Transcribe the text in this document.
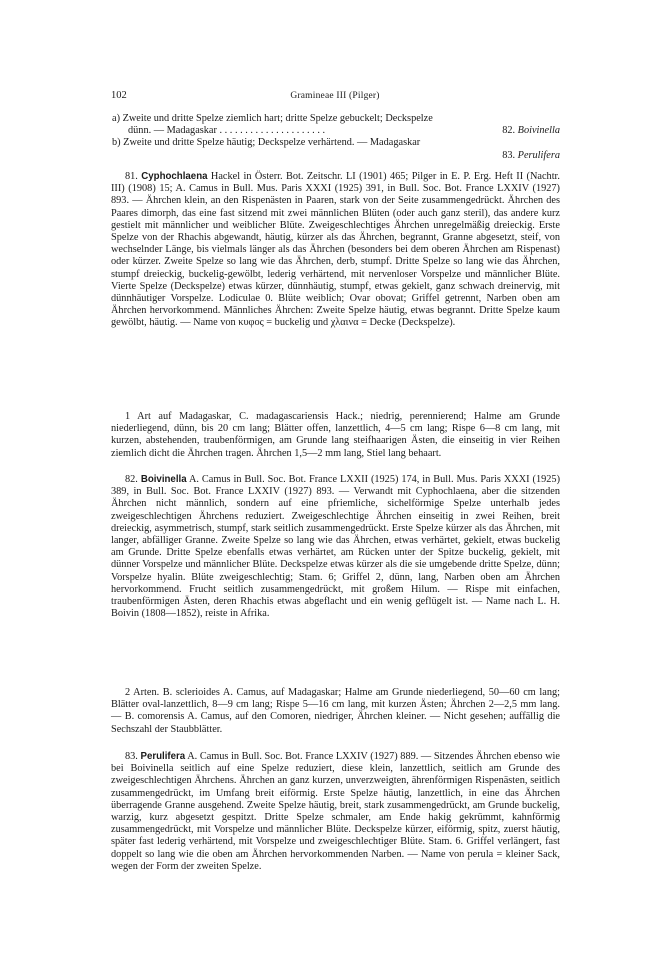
102	Gramineae III (Pilger)
a) Zweite und dritte Spelze ziemlich hart; dritte Spelze gebuckelt; Deckspelze
dünn. — Madagaskar . . . . . . . . . . . . . . . . . . . . .	82. Boivinella
b) Zweite und dritte Spelze häutig; Deckspelze verhärtend. — Madagaskar
83. Perulifera

81. Cyphochlaena Hackel in Österr. Bot. Zeitschr. LI (1901) 465; Pilger in E. P. Erg. Heft II (Nachtr. III) (1908) 15; A. Camus in Bull. Mus. Paris XXXI (1925) 391, in Bull. Soc. Bot. France LXXIV (1927) 893. — Ährchen klein, an den Rispenästen in Paaren, stark von der Seite zusammengedrückt. Ährchen des Paares dimorph, das eine fast sitzend mit zwei männlichen Blüten (oder auch ganz steril), das andere kurz gestielt mit männlicher und weiblicher Blüte. Zweigeschlechtiges Ährchen unregelmäßig dreieckig. Erste Spelze von der Rhachis abgewandt, häutig, kürzer als das Ährchen, begrannt, Granne abgesetzt, steif, von wechselnder Länge, bis vielmals länger als das Ährchen (besonders bei dem oberen Ährchen am Rispenast) oder kürzer. Zweite Spelze so lang wie das Ährchen, derb, stumpf. Dritte Spelze so lang wie das Ährchen, stumpf dreieckig, buckelig-gewölbt, lederig verhärtend, mit nervenloser Vorspelze und männlicher Blüte. Vierte Spelze (Deckspelze) etwas kürzer, dünnhäutig, stumpf, etwas gekielt, ganz schwach dreinervig, mit dünnhäutiger Vorspelze. Lodiculae 0. Blüte weiblich; Ovar obovat; Griffel getrennt, Narben oben am Ährchen hervorkommend. Männliches Ährchen: Zweite Spelze häutig, etwas begrannt. Dritte Spelze kaum gewölbt, häutig. — Name von κυφος = buckelig und χλαινα = Decke (Deckspelze).

1 Art auf Madagaskar, C. madagascariensis Hack.; niedrig, perennierend; Halme am Grunde niederliegend, dünn, bis 20 cm lang; Blätter offen, lanzettlich, 4—5 cm lang; Rispe 6—8 cm lang, mit kurzen, abstehenden, traubenförmigen, am Grunde lang steifhaarigen Ästen, die einseitig in vier Reihen ziemlich dicht die Ährchen tragen. Ährchen 1,5—2 mm lang, Stiel lang behaart.

82. Boivinella A. Camus in Bull. Soc. Bot. France LXXII (1925) 174, in Bull. Mus. Paris XXXI (1925) 389, in Bull. Soc. Bot. France LXXIV (1927) 893. — Verwandt mit Cyphochlaena, aber die sitzenden Ährchen nicht männlich, sondern auf eine pfriemliche, sichelförmige Spelze unterhalb jedes zweigeschlechtigen Ährchens reduziert. Zweigeschlechtige Ährchen einseitig in zwei Reihen, breit dreieckig, asymmetrisch, stumpf, stark seitlich zusammengedrückt. Erste Spelze kürzer als das Ährchen, mit langer, abfälliger Granne. Zweite Spelze so lang wie das Ährchen, etwas verhärtet, gekielt, etwas buckelig am Grunde. Dritte Spelze ebenfalls etwas verhärtet, am Rücken unter der Spitze buckelig, gekielt, mit dünner Vorspelze und männlicher Blüte. Deckspelze etwas kürzer als die sie umgebende dritte Spelze, dünn; Vorspelze hyalin. Blüte zweigeschlechtig; Stam. 6; Griffel 2, dünn, lang, Narben oben am Ährchen hervorkommend. Frucht seitlich zusammengedrückt, mit großem Hilum. — Rispe mit einfachen, traubenförmigen Ästen, deren Rhachis etwas abgeflacht und ein wenig geflügelt ist. — Name nach L. H. Boivin (1808—1852), reiste in Afrika.

2 Arten. B. sclerioides A. Camus, auf Madagaskar; Halme am Grunde niederliegend, 50—60 cm lang; Blätter oval-lanzettlich, 8—9 cm lang; Rispe 5—16 cm lang, mit kurzen Ästen; Ährchen 2—2,5 mm lang. — B. comorensis A. Camus, auf den Comoren, niedriger, Ährchen kleiner. — Nicht gesehen; auffällig die Sechszahl der Staubblätter.

83. Perulifera A. Camus in Bull. Soc. Bot. France LXXIV (1927) 889. — Sitzendes Ährchen ebenso wie bei Boivinella seitlich auf eine Spelze reduziert, diese klein, lanzettlich, seitlich am Grunde des zweigeschlechtigen Ährchens. Ährchen an ganz kurzen, unverzweigten, ährenförmigen Rispenästen, seitlich zusammengedrückt, im Umfang breit eiförmig. Erste Spelze häutig, lanzettlich, in eine das Ährchen überragende Granne ausgehend. Zweite Spelze häutig, breit, stark zusammengedrückt, am Grunde buckelig, warzig, kurz abgesetzt gespitzt. Dritte Spelze schmaler, am Ende hakig gekrümmt, kahnförmig zusammengedrückt, mit Vorspelze und männlicher Blüte. Deckspelze kürzer, eiförmig, spitz, zuerst häutig, später fast lederig verhärtend, mit Vorspelze und zweigeschlechtiger Blüte. Stam. 6. Griffel verlängert, fast doppelt so lang wie die oben am Ährchen hervorkommenden Narben. — Name von perula = kleiner Sack, wegen der Form der zweiten Spelze.
